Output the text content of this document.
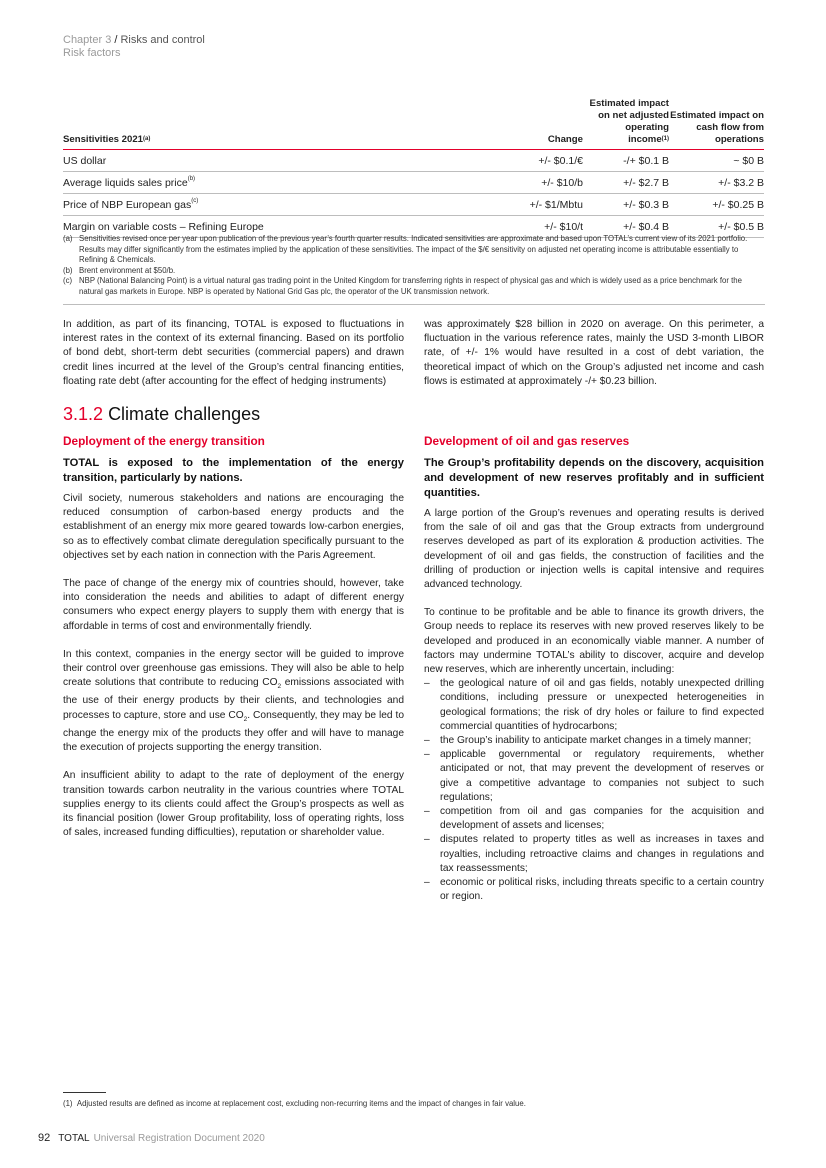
Chapter 3 / Risks and control
Risk factors
Sensitivities 2021$^{(a)}$	Change	Estimated impact on net adjusted operating income$^{(1)}$	Estimated impact on cash flow from operations
US dollar	+/- $0.1/€	-/+ $0.1 B	~ $0 B
Average liquids sales price$^{(b)}$	+/- $10/b	+/- $2.7 B	+/- $3.2 B
Price of NBP European gas$^{(c)}$	+/- $1/Mbtu	+/- $0.3 B	+/- $0.25 B
Margin on variable costs – Refining Europe	+/- $10/t	+/- $0.4 B	+/- $0.5 B
(a) Sensitivities revised once per year upon publication of the previous year’s fourth quarter results. Indicated sensitivities are approximate and based upon TOTAL’s current view of its 2021 portfolio. Results may differ significantly from the estimates implied by the application of these sensitivities. The impact of the $/€ sensitivity on adjusted net operating income is attributable essentially to Refining & Chemicals.
(b) Brent environment at $50/b.
(c) NBP (National Balancing Point) is a virtual natural gas trading point in the United Kingdom for transferring rights in respect of physical gas and which is widely used as a price benchmark for the natural gas markets in Europe. NBP is operated by National Grid Gas plc, the operator of the UK transmission network.
In addition, as part of its financing, TOTAL is exposed to fluctuations in interest rates in the context of its external financing. Based on its portfolio of bond debt, short-term debt securities (commercial papers) and drawn credit lines incurred at the level of the Group’s central financing entities, floating rate debt (after accounting for the effect of hedging instruments)
was approximately $28 billion in 2020 on average. On this perimeter, a fluctuation in the various reference rates, mainly the USD 3-month LIBOR rate, of +/- 1% would have resulted in a cost of debt variation, the theoretical impact of which on the Group’s adjusted net income and cash flows is estimated at approximately -/+ $0.23 billion.
3.1.2 Climate challenges
Deployment of the energy transition
TOTAL is exposed to the implementation of the energy transition, particularly by nations.

Civil society, numerous stakeholders and nations are encouraging the reduced consumption of carbon-based energy products and the establishment of an energy mix more geared towards low-carbon energies, so as to effectively combat climate deregulation specifically pursuant to the objectives set by each nation in connection with the Paris Agreement.

The pace of change of the energy mix of countries should, however, take into consideration the needs and abilities to adapt of different energy consumers who expect energy players to supply them with energy that is affordable in terms of cost and environmentally friendly.

In this context, companies in the energy sector will be guided to improve their control over greenhouse gas emissions. They will also be able to help create solutions that contribute to reducing $CO_2$ emissions associated with the use of their energy products by their clients, and technologies and processes to capture, store and use $CO_2$. Consequently, they may be led to change the energy mix of the products they offer and will have to manage the execution of projects supporting the energy transition.

An insufficient ability to adapt to the rate of deployment of the energy transition towards carbon neutrality in the various countries where TOTAL supplies energy to its clients could affect the Group’s prospects as well as its financial position (lower Group profitability, loss of operating rights, loss of sales, increased funding difficulties), reputation or shareholder value.

Development of oil and gas reserves
The Group’s profitability depends on the discovery, acquisition and development of new reserves profitably and in sufficient quantities.

A large portion of the Group’s revenues and operating results is derived from the sale of oil and gas that the Group extracts from underground reserves developed as part of its exploration & production activities. The development of oil and gas fields, the construction of facilities and the drilling of production or injection wells is capital intensive and requires advanced technology.

To continue to be profitable and be able to finance its growth drivers, the Group needs to replace its reserves with new proved reserves likely to be developed and produced in an economically viable manner. A number of factors may undermine TOTAL’s ability to discover, acquire and develop new reserves, which are inherently uncertain, including:

– the geological nature of oil and gas fields, notably unexpected drilling conditions, including pressure or unexpected heterogeneities in geological formations; the risk of dry holes or failure to find expected commercial quantities of hydrocarbons;
– the Group’s inability to anticipate market changes in a timely manner;
– applicable governmental or regulatory requirements, whether anticipated or not, that may prevent the development of reserves or give a competitive advantage to companies not subject to such regulations;
– competition from oil and gas companies for the acquisition and development of assets and licenses;
– disputes related to property titles as well as increases in taxes and royalties, including retroactive claims and changes in regulations and tax reassessments;
– economic or political risks, including threats specific to a certain country or region.
(1) Adjusted results are defined as income at replacement cost, excluding non-recurring items and the impact of changes in fair value.
92 TOTAL Universal Registration Document 2020
